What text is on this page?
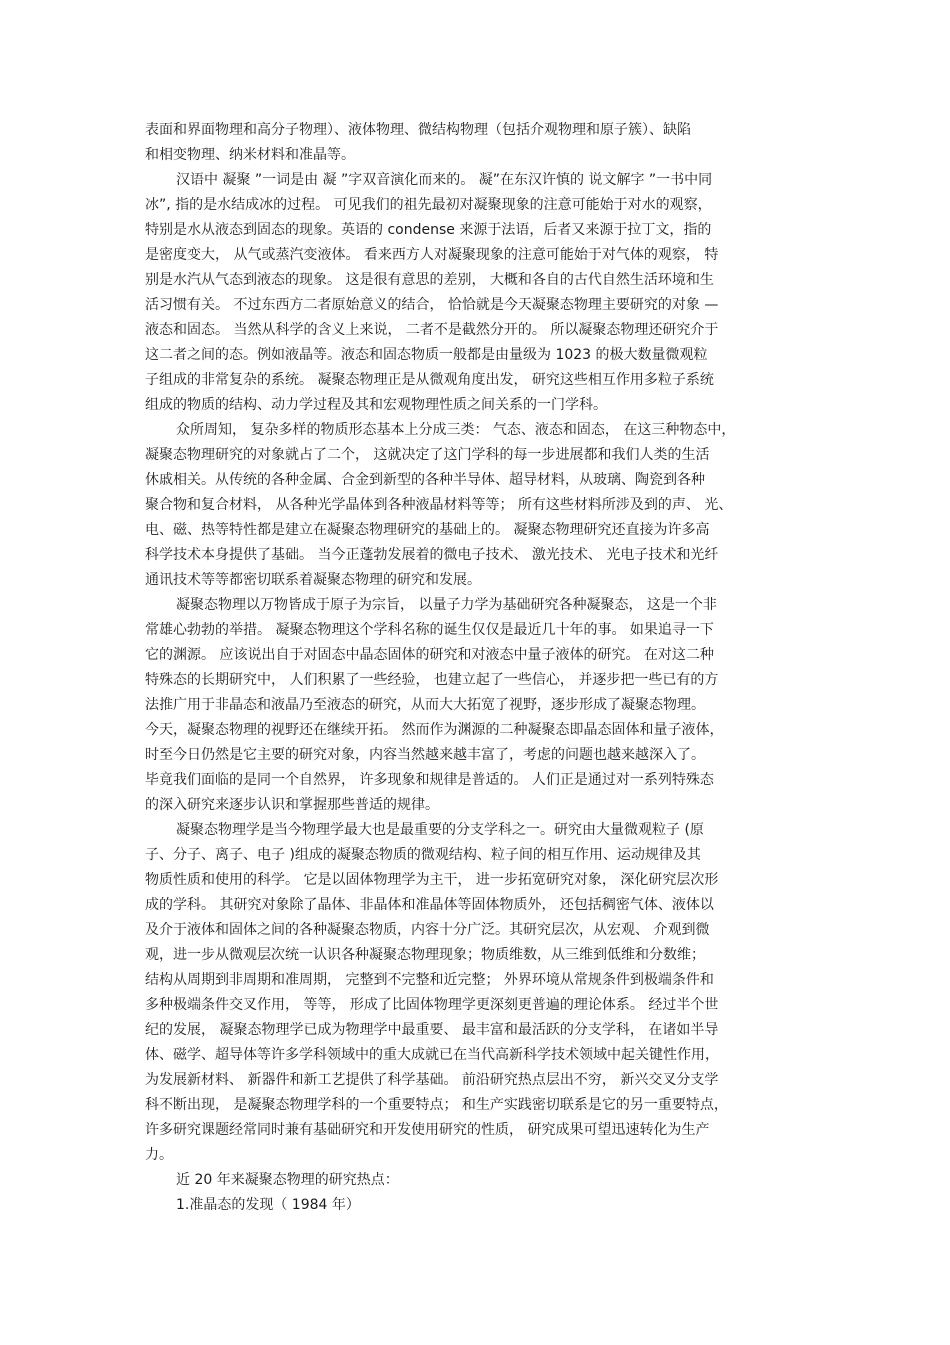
表面和界面物理和高分子物理）、液体物理、微结构物理（包括介观物理和原子簇）、缺陷
和相变物理、纳米材料和准晶等。
汉语中 凝聚 ”一词是由 凝 ”字双音演化而来的。 凝”在东汉许慎的 说文解字 ”一书中同
冰”, 指的是水结成冰的过程。 可见我们的祖先最初对凝聚现象的注意可能始于对水的观察，
特别是水从液态到固态的现象。英语的 condense 来源于法语，后者又来源于拉丁文，指的
是密度变大， 从气或蒸汽变液体。 看来西方人对凝聚现象的注意可能始于对气体的观察， 特
别是水汽从气态到液态的现象。 这是很有意思的差别， 大概和各自的古代自然生活环境和生
活习惯有关。 不过东西方二者原始意义的结合， 恰恰就是今天凝聚态物理主要研究的对象 —
液态和固态。 当然从科学的含义上来说， 二者不是截然分开的。 所以凝聚态物理还研究介于
这二者之间的态。例如液晶等。液态和固态物质一般都是由量级为 1023 的极大数量微观粒
子组成的非常复杂的系统。 凝聚态物理正是从微观角度出发， 研究这些相互作用多粒子系统
组成的物质的结构、动力学过程及其和宏观物理性质之间关系的一门学科。
众所周知， 复杂多样的物质形态基本上分成三类： 气态、液态和固态， 在这三种物态中，
凝聚态物理研究的对象就占了二个， 这就决定了这门学科的每一步进展都和我们人类的生活
休戚相关。从传统的各种金属、合金到新型的各种半导体、超导材料，从玻璃、陶瓷到各种
聚合物和复合材料， 从各种光学晶体到各种液晶材料等等； 所有这些材料所涉及到的声、 光、
电、磁、热等特性都是建立在凝聚态物理研究的基础上的。 凝聚态物理研究还直接为许多高
科学技术本身提供了基础。 当今正蓬勃发展着的微电子技术、 激光技术、 光电子技术和光纤
通讯技术等等都密切联系着凝聚态物理的研究和发展。
凝聚态物理以万物皆成于原子为宗旨， 以量子力学为基础研究各种凝聚态， 这是一个非
常雄心勃勃的举措。 凝聚态物理这个学科名称的诞生仅仅是最近几十年的事。 如果追寻一下
它的渊源。 应该说出自于对固态中晶态固体的研究和对液态中量子液体的研究。 在对这二种
特殊态的长期研究中， 人们积累了一些经验， 也建立起了一些信心， 并逐步把一些已有的方
法推广用于非晶态和液晶乃至液态的研究，从而大大拓宽了视野，逐步形成了凝聚态物理。
今天，凝聚态物理的视野还在继续开拓。 然而作为渊源的二种凝聚态即晶态固体和量子液体，
时至今日仍然是它主要的研究对象，内容当然越来越丰富了，考虑的问题也越来越深入了。
毕竟我们面临的是同一个自然界， 许多现象和规律是普适的。 人们正是通过对一系列特殊态
的深入研究来逐步认识和掌握那些普适的规律。
凝聚态物理学是当今物理学最大也是最重要的分支学科之一。研究由大量微观粒子 (原
子、分子、离子、电子 )组成的凝聚态物质的微观结构、粒子间的相互作用、运动规律及其
物质性质和使用的科学。 它是以固体物理学为主干， 进一步拓宽研究对象， 深化研究层次形
成的学科。 其研究对象除了晶体、非晶体和准晶体等固体物质外， 还包括稠密气体、液体以
及介于液体和固体之间的各种凝聚态物质，内容十分广泛。其研究层次，从宏观、 介观到微
观，进一步从微观层次统一认识各种凝聚态物理现象；物质维数，从三维到低维和分数维；
结构从周期到非周期和准周期， 完整到不完整和近完整； 外界环境从常规条件到极端条件和
多种极端条件交叉作用， 等等， 形成了比固体物理学更深刻更普遍的理论体系。 经过半个世
纪的发展， 凝聚态物理学已成为物理学中最重要、 最丰富和最活跃的分支学科， 在诸如半导
体、磁学、超导体等许多学科领域中的重大成就已在当代高新科学技术领域中起关键性作用，
为发展新材料、 新器件和新工艺提供了科学基础。 前沿研究热点层出不穷， 新兴交叉分支学
科不断出现， 是凝聚态物理学科的一个重要特点； 和生产实践密切联系是它的另一重要特点，
许多研究课题经常同时兼有基础研究和开发使用研究的性质， 研究成果可望迅速转化为生产
力。
近 20 年来凝聚态物理的研究热点：
1.准晶态的发现（ 1984 年）
